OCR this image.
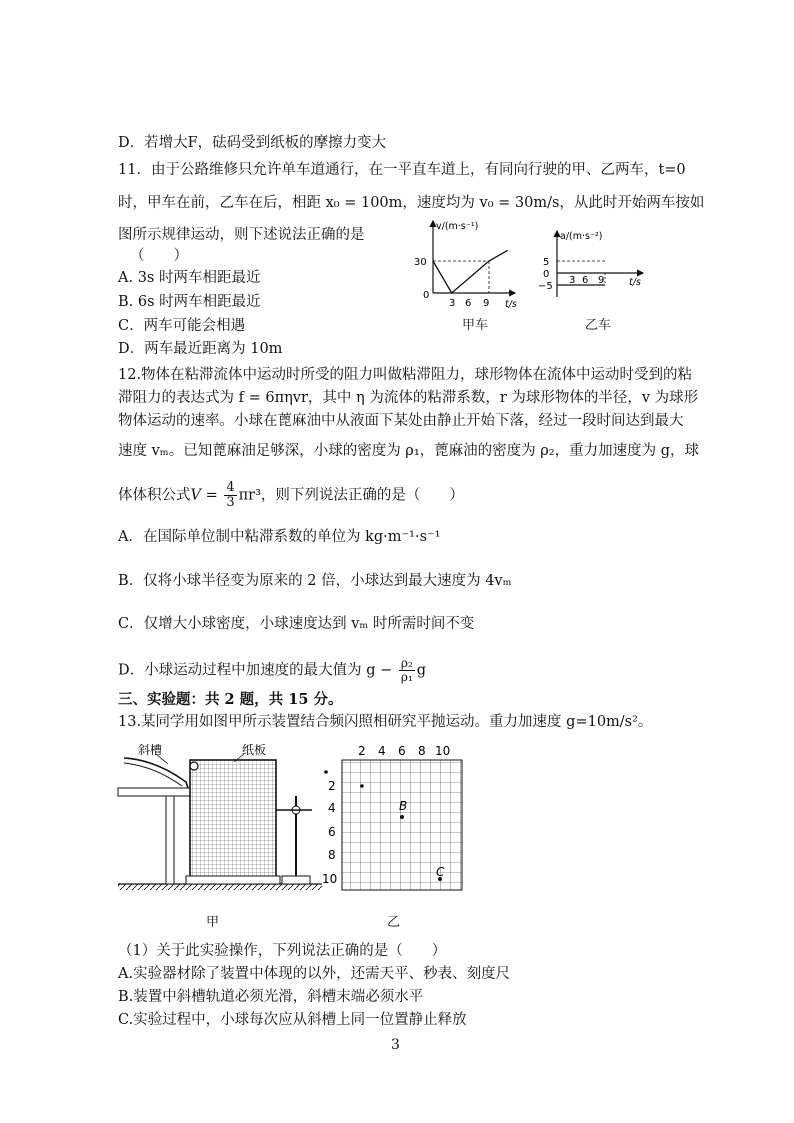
D．若增大F，砝码受到纸板的摩擦力变大
11．由于公路维修只允许单车道通行，在一平直车道上，有同向行驶的甲、乙两车，t=0
时，甲车在前，乙车在后，相距 x₀ = 100m，速度均为 v₀ = 30m/s，从此时开始两车按如
图所示规律运动，则下述说法正确的是
（　　）
A. 3s 时两车相距最近
B. 6s 时两车相距最近
C．两车可能会相遇
D．两车最近距离为 10m
12.物体在粘滞流体中运动时所受的阻力叫做粘滞阻力，球形物体在流体中运动时受到的粘
滞阻力的表达式为 f = 6πηvr，其中 η 为流体的粘滞系数，r 为球形物体的半径，v 为球形
物体运动的速率。小球在蓖麻油中从液面下某处由静止开始下落，经过一段时间达到最大
速度 vₘ。已知蓖麻油足够深，小球的密度为 ρ₁，蓖麻油的密度为 ρ₂，重力加速度为 g，球
体体积公式$V = \frac{4}{3} \pi r^3$，则下列说法正确的是（　　）
A．在国际单位制中粘滞系数的单位为 kg·m⁻¹·s⁻¹
B．仅将小球半径变为原来的 2 倍，小球达到最大速度为 4vₘ
C．仅增大小球密度，小球速度达到 vₘ 时所需时间不变
D．小球运动过程中加速度的最大值为 $g - \frac{\text{ρ₂}}{\text{ρ₁}}$ g
三、实验题：共 2 题，共 15 分。
13.某同学用如图甲所示装置结合频闪照相研究平抛运动。重力加速度 g=10m/s²。
（1）关于此实验操作，下列说法正确的是（　　）
A.实验器材除了装置中体现的以外，还需天平、秒表、刻度尺
B.装置中斜槽轨道必须光滑，斜槽末端必须水平
C.实验过程中，小球每次应从斜槽上同一位置静止释放
3
v/(m·s⁻¹)
30
0
3 6 9 t/s
甲车
a/(m·s⁻²)
5
0
−5
3 6 9	t/s
乙车
斜槽	纸板
甲
2 4 6 8 10
2
4
6
8
10
B
C
乙
